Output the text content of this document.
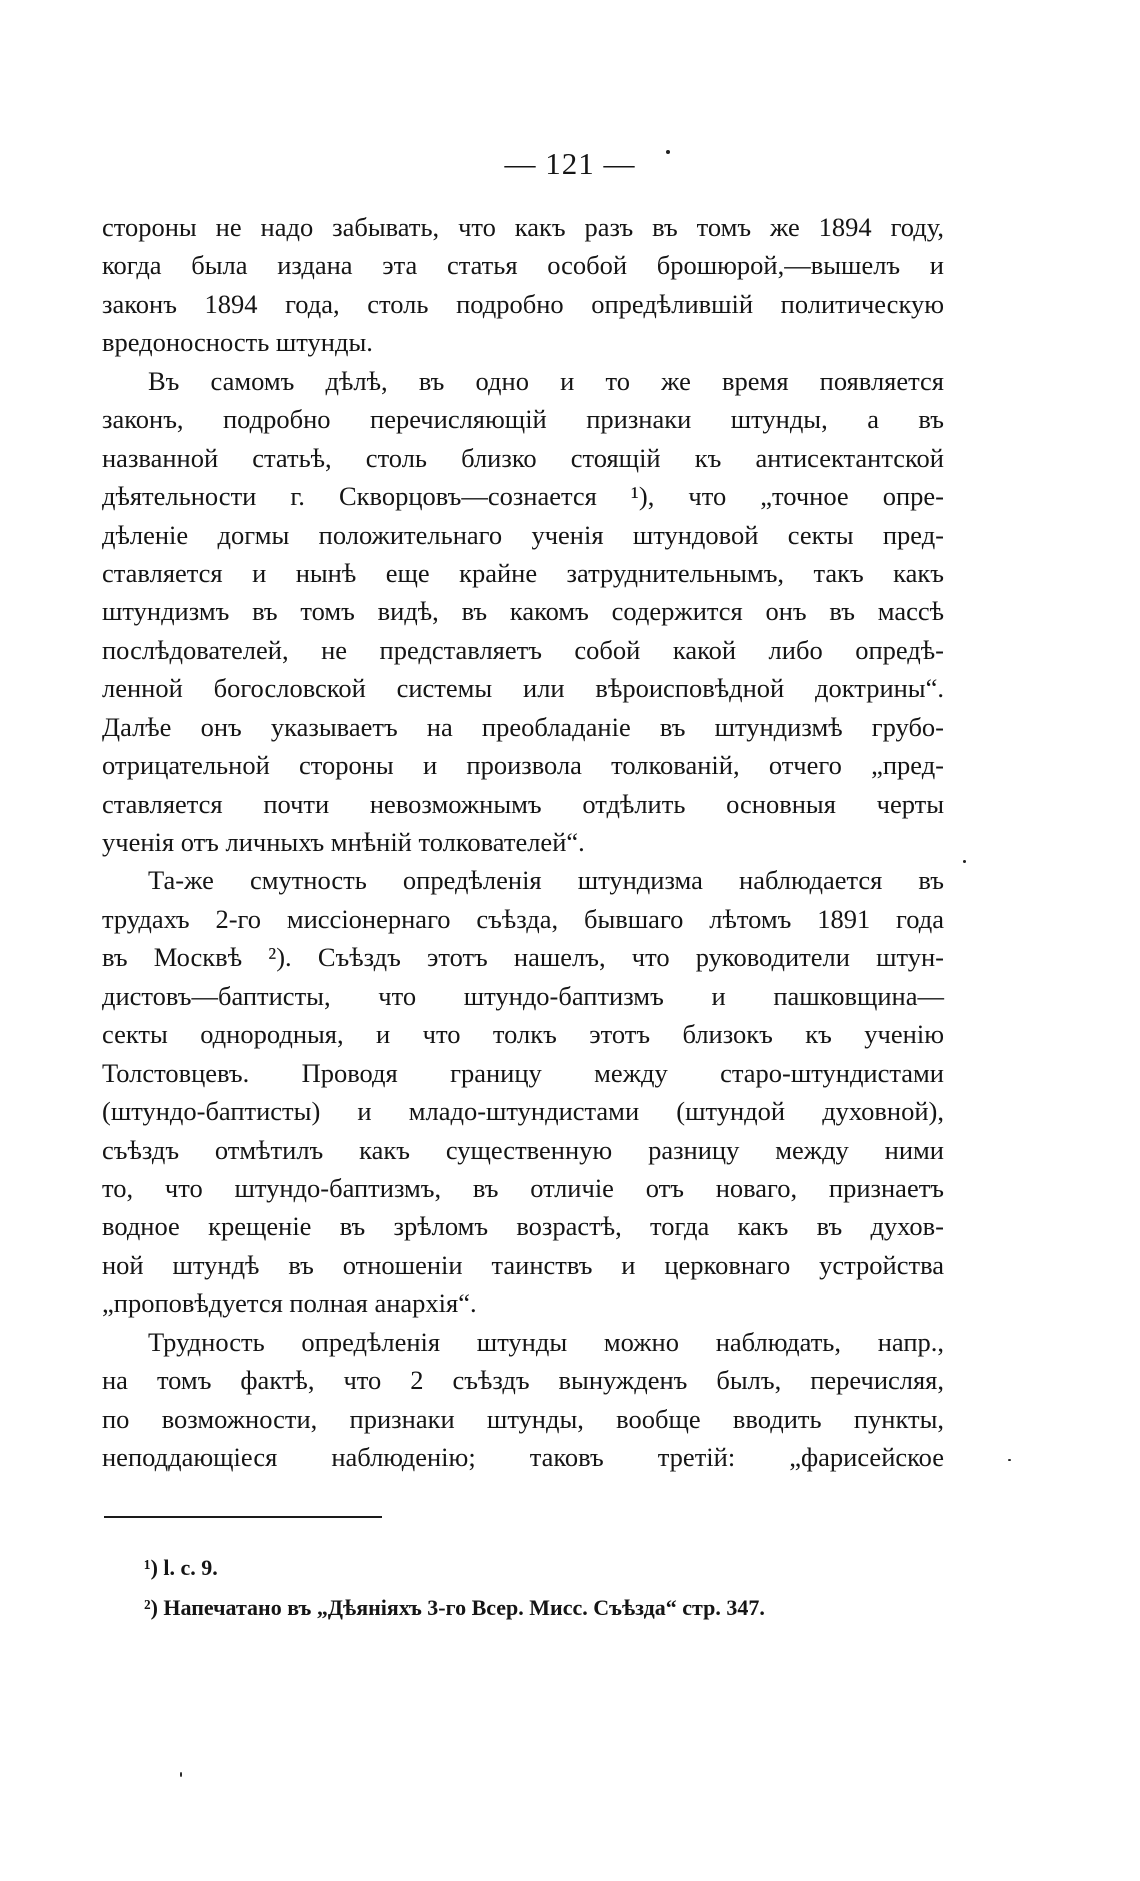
— 121 —
стороны не надо забывать, что какъ разъ въ томъ же 1894 году,
когда была издана эта статья особой брошюрой,—вышелъ и
законъ 1894 года, столь подробно опредѣлившій политическую
вредоносность штунды.
Въ самомъ дѣлѣ, въ одно и то же время появляется
законъ, подробно перечисляющій признаки штунды, а въ
названной статьѣ, столь близко стоящій къ антисектантской
дѣятельности г. Скворцовъ—сознается ¹), что „точное опре-
дѣленіе догмы положительнаго ученія штундовой секты пред-
ставляется и нынѣ еще крайне затруднительнымъ, такъ какъ
штундизмъ въ томъ видѣ, въ какомъ содержится онъ въ массѣ
послѣдователей, не представляетъ собой какой либо опредѣ-
ленной богословской системы или вѣроисповѣдной доктрины“.
Далѣе онъ указываетъ на преобладаніе въ штундизмѣ грубо-
отрицательной стороны и произвола толкованій, отчего „пред-
ставляется почти невозможнымъ отдѣлить основныя черты
ученія отъ личныхъ мнѣній толкователей“.
Та-же смутность опредѣленія штундизма наблюдается въ
трудахъ 2-го миссіонернаго съѣзда, бывшаго лѣтомъ 1891 года
въ Москвѣ ²). Съѣздъ этотъ нашелъ, что руководители штун-
дистовъ—баптисты, что штундо-баптизмъ и пашковщина—
секты однородныя, и что толкъ этотъ близокъ къ ученію
Толстовцевъ. Проводя границу между старо-штундистами
(штундо-баптисты) и младо-штундистами (штундой духовной),
съѣздъ отмѣтилъ какъ существенную разницу между ними
то, что штундо-баптизмъ, въ отличіе отъ новаго, признаетъ
водное крещеніе въ зрѣломъ возрастѣ, тогда какъ въ духов-
ной штундѣ въ отношеніи таинствъ и церковнаго устройства
„проповѣдуется полная анархія“.
Трудность опредѣленія штунды можно наблюдать, напр.,
на томъ фактѣ, что 2 съѣздъ вынужденъ былъ, перечисляя,
по возможности, признаки штунды, вообще вводить пункты,
неподдающіеся наблюденію; таковъ третій: „фарисейское
¹) l. c. 9.
²) Напечатано въ „Дѣяніяхъ 3-го Всер. Мисс. Съѣзда“ стр. 347.
